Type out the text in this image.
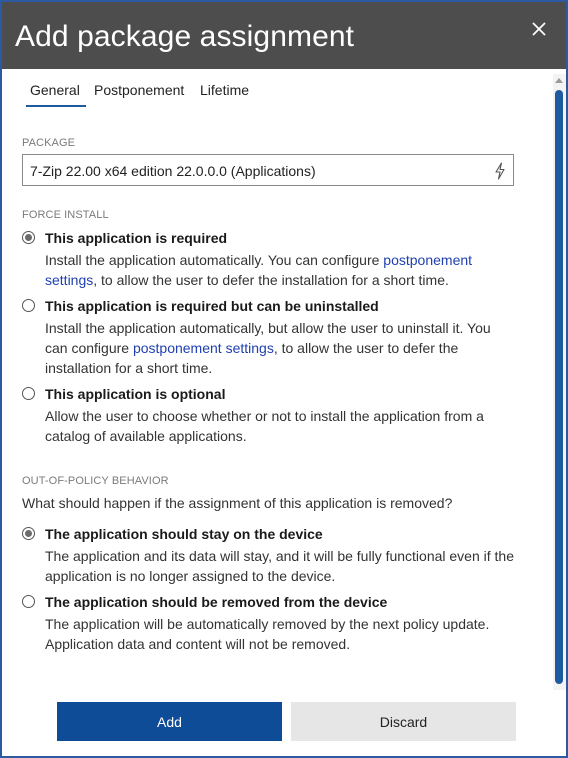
Add package assignment
General Postponement Lifetime
PACKAGE
7-Zip 22.00 x64 edition 22.0.0.0 (Applications)
FORCE INSTALL
This application is required
Install the application automatically. You can configure postponement settings, to allow the user to defer the installation for a short time.
This application is required but can be uninstalled
Install the application automatically, but allow the user to uninstall it. You can configure postponement settings, to allow the user to defer the installation for a short time.
This application is optional
Allow the user to choose whether or not to install the application from a catalog of available applications.
OUT-OF-POLICY BEHAVIOR
What should happen if the assignment of this application is removed?
The application should stay on the device
The application and its data will stay, and it will be fully functional even if the application is no longer assigned to the device.
The application should be removed from the device
The application will be automatically removed by the next policy update. Application data and content will not be removed.
Add	Discard
